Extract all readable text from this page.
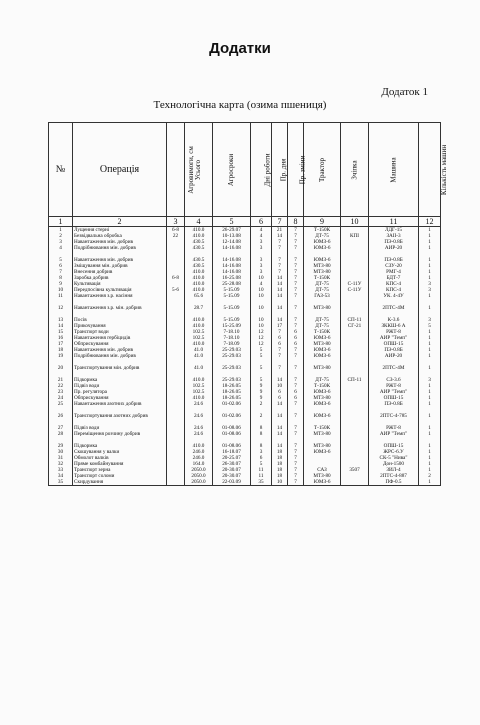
Додатки
Додаток 1
Технологічна карта (озима пшениця)
№	Операція	Агровимоги, см	Усього	Агросроки	Дні роботи	Пр. дня	Пр. зміни	Трактор	Зчіпка	Машина	Кількість машин
1	2	3	4	5	6	7	8	9	10	11	12
1	Лущення стерні	6-8	410.0	26-29.07	4	21	7	Т-150К		ЛДГ-15	1
2	Безвідвальна обробка	22	410.0	10-13.08	4	14	7	ДТ-75	КПІ	ЗАІІ-3	1
3	Навантаження мін. добрив		430.5	12-14.08	3	7	7	ЮМЗ-6		ПЭ-0.8Б	1
4	Подрібнювання мін. добрив		430.5	14-16.08	3	7	7	ЮМЗ-6		АИР-20	1
5	Навантаження мін. добрив		430.5	14-16.08	3	7	7	ЮМЗ-6		ПЭ-0.8Б	1
6	Зміщування мін. добрив		430.5	14-16.08	3	7	7	МТЗ-80		СЗУ-20	1
7	Внесення добрив		410.0	14-16.08	3	7	7	МТЗ-80		РМГ-4	1
8	Заробка добрив	6-8	410.0	16-25.08	10	14	7	Т-150К		БДТ-7	1
9	Культивація		410.0	25-28.08	4	14	7	ДТ-75	С-11У	КПС-4	3
10	Передпосівна культивація	5-6	410.0	5-15.09	10	14	7	ДТ-75	С-11У	КПС-4	3
11	Навантаження з.р. насіння		65.6	5-15.09	10	14	7	ГАЗ-53		УК. 4-4У	1
12	Навантаження з.р. мін. добрив		28.7	5-15.09	10	14	7	МТЗ-80		2ПТС-4М	1
13	Посів		410.0	5-15.09	10	14	7	ДТ-75	СП-11	К-3.6	3
14	Прикочування		410.0	15-25.09	10	17	7	ДТ-75	СГ-21	ЗККШ-6 А	5
15	Транспорт води		102.5	7-18.10	12	7	6	Т-150К		РЖТ-8	1
16	Навантаження гербіцидів		102.5	7-18.10	12	6	6	ЮМЗ-6		АИР "Темп"	1
17	Обприскування		410.0	7-18.09	12	6	6	МТЗ-80		ОПШ-15	1
18	Навантаження мін. добрив		41.0	25-29.03	5	7	7	ЮМЗ-6		ПЭ-0.8Б	1
19	Подрібнювання мін. добрив		41.0	25-29.03	5	7	7	ЮМЗ-6		АИР-20	1
20	Транспортування мін. добрив		41.0	25-29.03	5	7	7	МТЗ-80		2ПТС-4М	1
21	Підкормка		410.0	25-29.03	5	14	7	ДТ-75	СП-11	СЗ-3.6	3
22	Підвіз води		102.5	18-26.05	9	10	7	Т-150К		РЖТ-8	1
23	Пр. регулятора		102.5	18-26.05	9	6	6	ЮМЗ-6		АИР "Темп"	1
24	Обприскування		410.0	18-26.05	9	6	6	МТЗ-80		ОПШ-15	1
25	Навантаження азотних добрив		24.6	01-02.06	2	14	7	ЮМЗ-6		ПЭ-0.8Б	1
26	Транспортування азотних добрив		24.6	01-02.06	2	14	7	ЮМЗ-6		2ПТС-4-785	1
27	Підвіз води		24.6	01-08.06	8	14	7	Т-150К		РЖТ-8	1
28	Переміщення розчину добрив		24.6	01-08.06	8	14	7	МТЗ-80		АИР "Темп"	1
29	Підкормка		410.0	01-08.06	8	14	7	МТЗ-80		ОПШ-15	1
30	Скошування у валки		246.0	16-18.07	3	18	7	ЮМЗ-6		ЖРС-6.У	1
31	Обмолот валків		246.0	20-25.07	6	18	7			СК-5 "Нива"	1
32	Пряме комбайнування		164.0	26-30.07	5	18	7			Дон-1500	1
33	Транспорт зерна		2050.0	20-30.07	11	18	7	САЗ	3507	ЗИЛ-4	1
34	Транспорт соломи		2050.0	20-30.07	11	18	7	МТЗ-80		2ПТС-4-887	2
35	Скирдування		2050.0	22-03.09	35	10	7	ЮМЗ-6		ПФ-0.5	1
